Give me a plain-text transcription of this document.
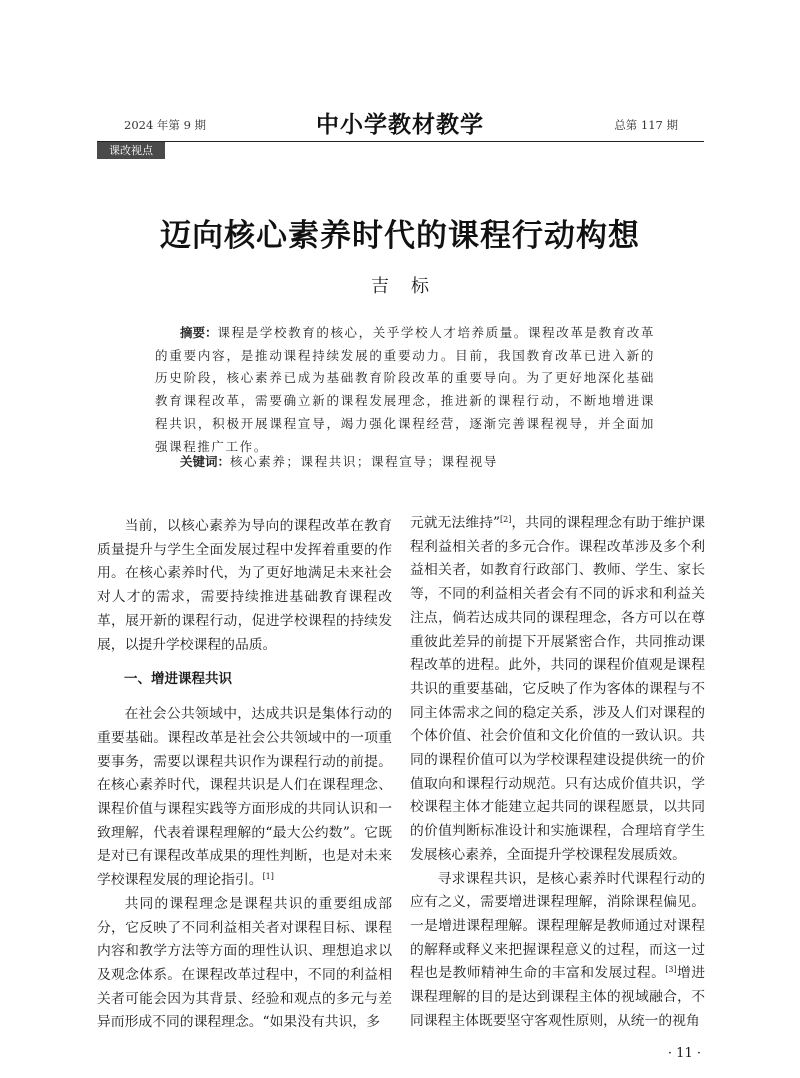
2024 年第 9 期	中小学教材教学	总第 117 期
课改视点
迈向核心素养时代的课程行动构想
吉标
摘要：课程是学校教育的核心，关乎学校人才培养质量。课程改革是教育改革的重要内容，是推动课程持续发展的重要动力。目前，我国教育改革已进入新的历史阶段，核心素养已成为基础教育阶段改革的重要导向。为了更好地深化基础教育课程改革，需要确立新的课程发展理念，推进新的课程行动，不断地增进课程共识，积极开展课程宣导，竭力强化课程经营，逐渐完善课程视导，并全面加强课程推广工作。
关键词：核心素养；课程共识；课程宣导；课程视导

当前，以核心素养为导向的课程改革在教育质量提升与学生全面发展过程中发挥着重要的作用。在核心素养时代，为了更好地满足未来社会对人才的需求，需要持续推进基础教育课程改革，展开新的课程行动，促进学校课程的持续发展，以提升学校课程的品质。

一、增进课程共识

在社会公共领域中，达成共识是集体行动的重要基础。课程改革是社会公共领域中的一项重要事务，需要以课程共识作为课程行动的前提。在核心素养时代，课程共识是人们在课程理念、课程价值与课程实践等方面形成的共同认识和一致理解，代表着课程理解的“最大公约数”。它既是对已有课程改革成果的理性判断，也是对未来学校课程发展的理论指引。[1]

共同的课程理念是课程共识的重要组成部分，它反映了不同利益相关者对课程目标、课程内容和教学方法等方面的理性认识、理想追求以及观念体系。在课程改革过程中，不同的利益相关者可能会因为其背景、经验和观点的多元与差异而形成不同的课程理念。“如果没有共识，多

元就无法维持”[2]，共同的课程理念有助于维护课程利益相关者的多元合作。课程改革涉及多个利益相关者，如教育行政部门、教师、学生、家长等，不同的利益相关者会有不同的诉求和利益关注点，倘若达成共同的课程理念，各方可以在尊重彼此差异的前提下开展紧密合作，共同推动课程改革的进程。此外，共同的课程价值观是课程共识的重要基础，它反映了作为客体的课程与不同主体需求之间的稳定关系，涉及人们对课程的个体价值、社会价值和文化价值的一致认识。共同的课程价值可以为学校课程建设提供统一的价值取向和课程行动规范。只有达成价值共识，学校课程主体才能建立起共同的课程愿景，以共同的价值判断标准设计和实施课程，合理培育学生发展核心素养，全面提升学校课程发展质效。

寻求课程共识，是核心素养时代课程行动的应有之义，需要增进课程理解，消除课程偏见。一是增进课程理解。课程理解是教师通过对课程的解释或释义来把握课程意义的过程，而这一过程也是教师精神生命的丰富和发展过程。[3]增进课程理解的目的是达到课程主体的视域融合，不同课程主体既要坚守客观性原则，从统一的视角

· 11 ·
